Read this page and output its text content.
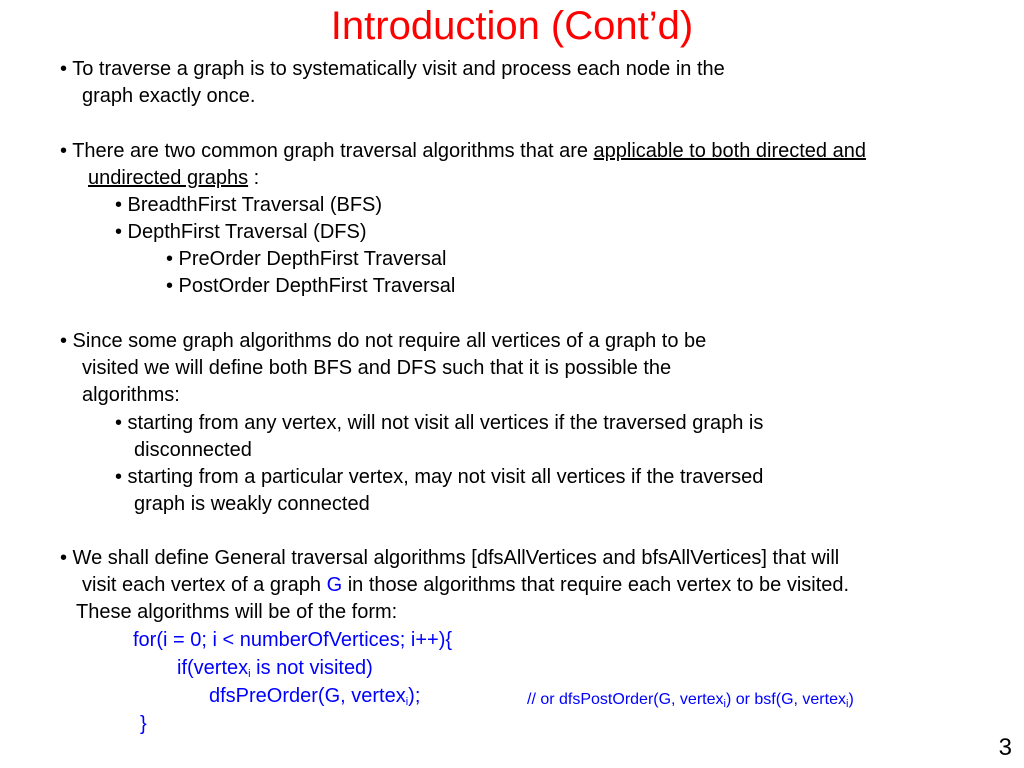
Introduction (Cont’d)
• To traverse a graph is to systematically visit and process each node in the
graph exactly once.
• There are two common graph traversal algorithms that are applicable to both directed and
undirected graphs :
• BreadthFirst Traversal (BFS)
• DepthFirst Traversal (DFS)
• PreOrder DepthFirst Traversal
• PostOrder DepthFirst Traversal
• Since some graph algorithms do not require all vertices of a graph to be
visited we will define both BFS and DFS such that it is possible the
algorithms:
• starting from any vertex, will not visit all vertices if the traversed graph is
disconnected
• starting from a particular vertex, may not visit all vertices if the traversed
graph is weakly connected
• We shall define General traversal algorithms [dfsAllVertices and bfsAllVertices] that will
visit each vertex of a graph G in those algorithms that require each vertex to be visited.
These algorithms will be of the form:
for(i = 0; i < numberOfVertices; i++){
if(vertex$_i$ is not visited)
dfsPreOrder(G, vertex$_i$);	// or dfsPostOrder(G, vertex$_i$) or bsf(G, vertex$_i$)
}
3
